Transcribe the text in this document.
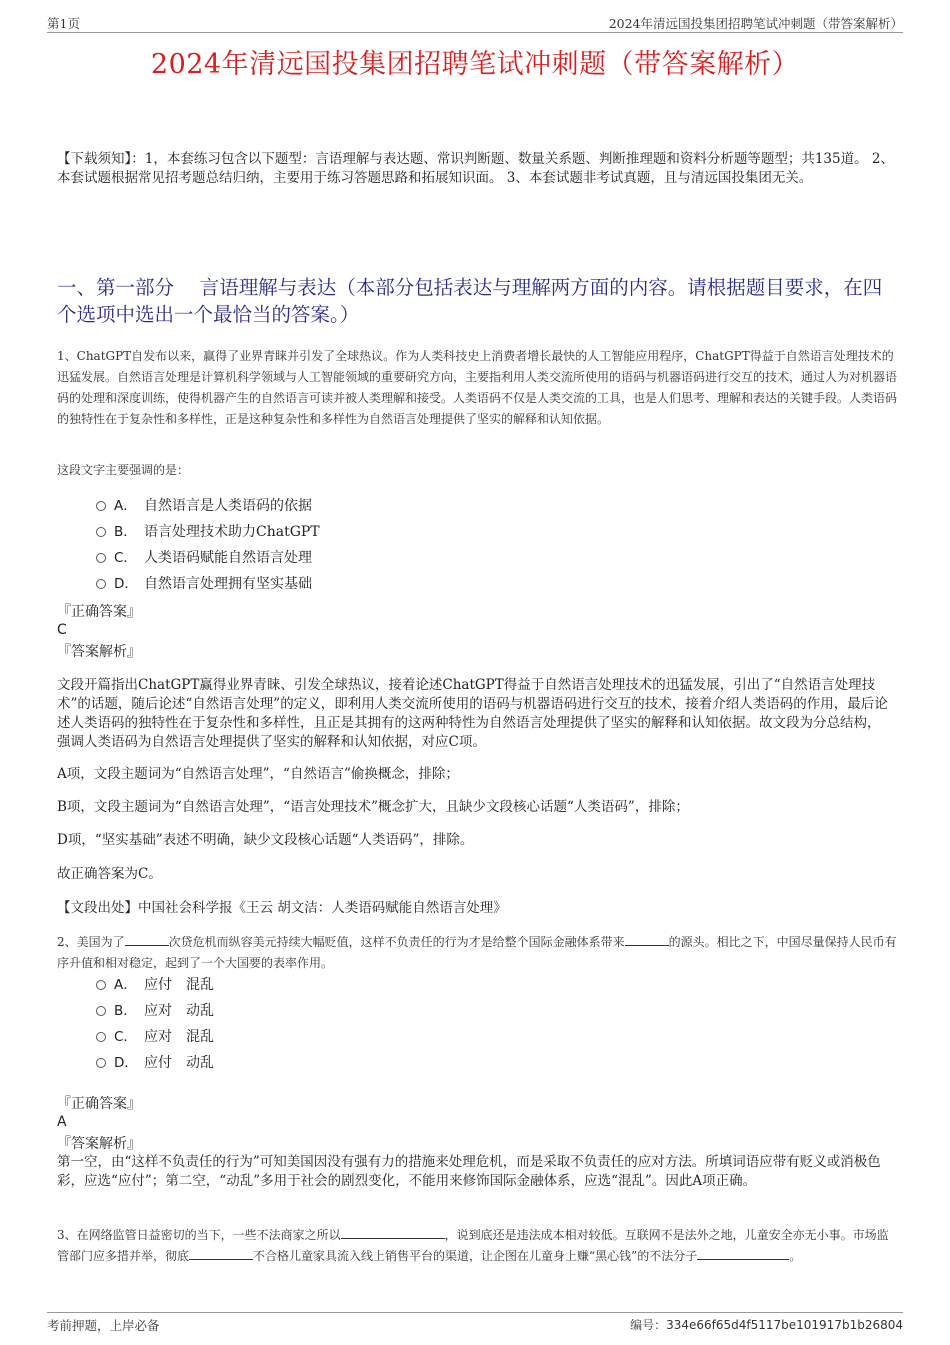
第1页	2024年清远国投集团招聘笔试冲刺题（带答案解析）
2024年清远国投集团招聘笔试冲刺题（带答案解析）
【下载须知】：1，本套练习包含以下题型：言语理解与表达题、常识判断题、数量关系题、判断推理题和资料分析题等题型；共135道。 2、本套试题根据常见招考题总结归纳，主要用于练习答题思路和拓展知识面。 3、本套试题非考试真题，且与清远国投集团无关。
一、第一部分　 言语理解与表达（本部分包括表达与理解两方面的内容。请根据题目要求，在四个选项中选出一个最恰当的答案。）
1、ChatGPT自发布以来，赢得了业界青睐并引发了全球热议。作为人类科技史上消费者增长最快的人工智能应用程序，ChatGPT得益于自然语言处理技术的迅猛发展。自然语言处理是计算机科学领域与人工智能领域的重要研究方向，主要指利用人类交流所使用的语码与机器语码进行交互的技术，通过人为对机器语码的处理和深度训练，使得机器产生的自然语言可读并被人类理解和接受。人类语码不仅是人类交流的工具，也是人们思考、理解和表达的关键手段。人类语码的独特性在于复杂性和多样性，正是这种复杂性和多样性为自然语言处理提供了坚实的解释和认知依据。
这段文字主要强调的是：
A． 自然语言是人类语码的依据
B． 语言处理技术助力ChatGPT
C． 人类语码赋能自然语言处理
D． 自然语言处理拥有坚实基础
『正确答案』
C
『答案解析』
文段开篇指出ChatGPT赢得业界青睐、引发全球热议，接着论述ChatGPT得益于自然语言处理技术的迅猛发展，引出了“自然语言处理技术”的话题，随后论述“自然语言处理”的定义，即利用人类交流所使用的语码与机器语码进行交互的技术，接着介绍人类语码的作用，最后论述人类语码的独特性在于复杂性和多样性，且正是其拥有的这两种特性为自然语言处理提供了坚实的解释和认知依据。故文段为分总结构，强调人类语码为自然语言处理提供了坚实的解释和认知依据，对应C项。
A项，文段主题词为“自然语言处理”，“自然语言”偷换概念，排除；
B项，文段主题词为“自然语言处理”，“语言处理技术”概念扩大，且缺少文段核心话题“人类语码”，排除；
D项，“坚实基础”表述不明确，缺少文段核心话题“人类语码”，排除。
故正确答案为C。
【文段出处】中国社会科学报《王云 胡文洁：人类语码赋能自然语言处理》
2、美国为了	次贷危机而纵容美元持续大幅贬值，这样不负责任的行为才是给整个国际金融体系带来	的源头。相比之下，中国尽量保持人民币有序升值和相对稳定，起到了一个大国要的表率作用。
A． 应付　混乱
B． 应对　动乱
C． 应对　混乱
D． 应付　动乱
『正确答案』
A
『答案解析』
第一空，由“这样不负责任的行为”可知美国因没有强有力的措施来处理危机，而是采取不负责任的应对方法。所填词语应带有贬义或消极色彩，应选“应付”；第二空，“动乱”多用于社会的剧烈变化，不能用来修饰国际金融体系，应选“混乱”。因此A项正确。
3、在网络监管日益密切的当下，一些不法商家之所以	，说到底还是违法成本相对较低。互联网不是法外之地，儿童安全亦无小事。市场监管部门应多措并举，彻底	不合格儿童家具流入线上销售平台的渠道，让企图在儿童身上赚“黑心钱”的不法分子	。
考前押题，上岸必备	编号：334e66f65d4f5117be101917b1b26804
